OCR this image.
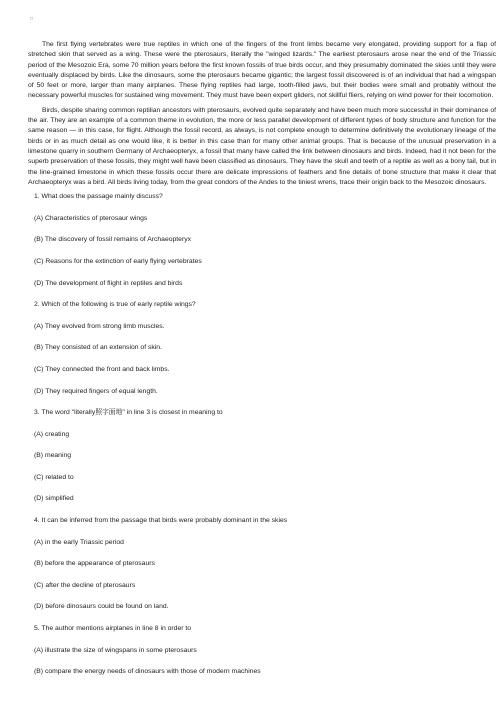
□

The first flying vertebrates were true reptiles in which one of the fingers of the front limbs became very elongated, providing support for a flap of stretched skin that served as a wing. These were the pterosaurs, literally the "winged lizards." The earliest pterosaurs arose near the end of the Triassic period of the Mesozoic Era, some 70 million years before the first known fossils of true birds occur, and they presumably dominated the skies until they were eventually displaced by birds. Like the dinosaurs, some the pterosaurs became gigantic; the largest fossil discovered is of an individual that had a wingspan of 50 feet or more, larger than many airplanes. These flying reptiles had large, tooth-filled jaws, but their bodies were small and probably without the necessary powerful muscles for sustained wing movement. They must have been expert gliders, not skillful fliers, relying on wind power for their locomotion.

Birds, despite sharing common reptilian ancestors with pterosaurs, evolved quite separately and have been much more successful in their dominance of the air. They are an example of a common theme in evolution, the more or less parallel development of different types of body structure and function for the same reason — in this case, for flight. Although the fossil record, as always, is not complete enough to determine definitively the evolutionary lineage of the birds or in as much detail as one would like, it is better in this case than for many other animal groups. That is because of the unusual preservation in a limestone quarry in southern Germany of Archaeopteryx, a fossil that many have called the link between dinosaurs and birds. Indeed, had it not been for the superb preservation of these fossils, they might well have been classified as dinosaurs. They have the skull and teeth of a reptile as well as a bony tail, but in the line-grained limestone in which these fossils occur there are delicate impressions of feathers and fine details of bone structure that make it clear that Archaeopteryx was a bird. All birds living today, from the great condors of the Andes to the tiniest wrens, trace their origin back to the Mesozoic dinosaurs.

1. What does the passage mainly discuss?
(A) Characteristics of pterosaur wings
(B) The discovery of fossil remains of Archaeopteryx
(C) Reasons for the extinction of early flying vertebrates
(D) The development of flight in reptiles and birds
2. Which of the following is true of early reptile wings?
(A) They evolved from strong limb muscles.
(B) They consisted of an extension of skin.
(C) They connected the front and back limbs.
(D) They required fingers of equal length.
3. The word "literally照字面地" in line 3 is closest in meaning to
(A) creating
(B) meaning
(C) related to
(D) simplified
4. It can be inferred from the passage that birds were probably dominant in the skies
(A) in the early Triassic period
(B) before the appearance of pterosaurs
(C) after the decline of pterosaurs
(D) before dinosaurs could be found on land.
5. The author mentions airplanes in line 8 in order to
(A) illustrate the size of wingspans in some pterosaurs
(B) compare the energy needs of dinosaurs with those of modern machines
